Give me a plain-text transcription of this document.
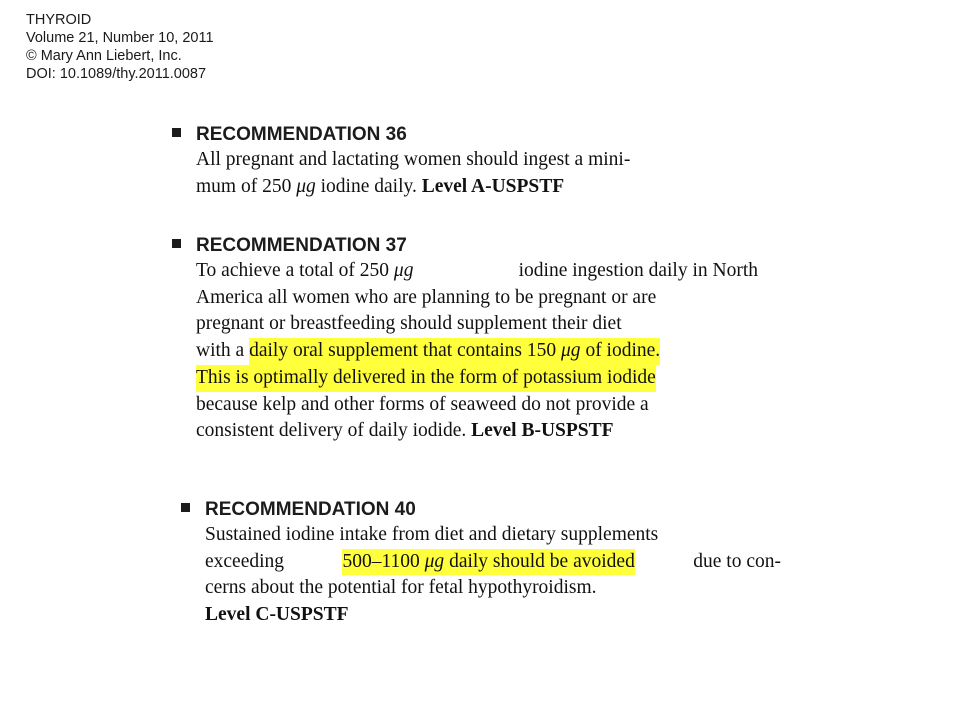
THYROID
Volume 21, Number 10, 2011
© Mary Ann Liebert, Inc.
DOI: 10.1089/thy.2011.0087
RECOMMENDATION 36
All pregnant and lactating women should ingest a mini-
mum of 250
μg
iodine daily.
Level A-USPSTF
RECOMMENDATION 37
To achieve a total of 250 μg	iodine ingestion daily in North
America all women who are planning to be pregnant or are
pregnant or breastfeeding should supplement their diet
with a
daily oral supplement that contains 150 μg of iodine.
This is optimally delivered in the form of potassium iodide
because kelp and other forms of seaweed do not provide a
consistent delivery of daily iodide.
Level B-USPSTF
RECOMMENDATION 40
Sustained iodine intake from diet and dietary supplements
exceeding	500–1100 μg daily should be avoided	due to con-
cerns about the potential for fetal hypothyroidism.
Level C-USPSTF
